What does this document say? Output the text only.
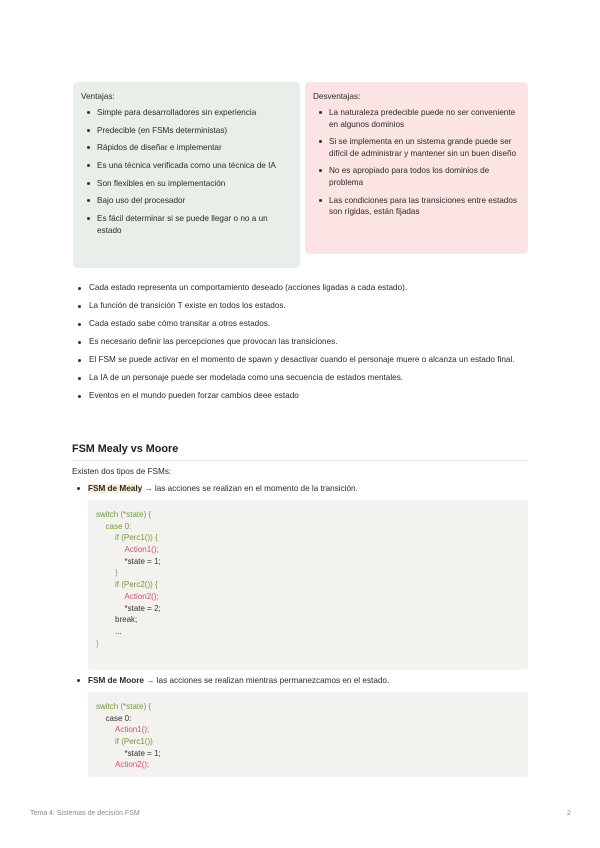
Ventajas:

Simple para desarrolladores sin experiencia
Predecible (en FSMs deterministas)
Rápidos de diseñar e implementar
Es una técnica verificada como una técnica de IA
Son flexibles en su implementación
Bajo uso del procesador
Es fácil determinar si se puede llegar o no a un estado

Desventajas:

La naturaleza predecible puede no ser conveniente en algunos dominios
Si se implementa en un sistema grande puede ser difícil de administrar y mantener sin un buen diseño
No es apropiado para todos los dominios de problema
Las condiciones para las transiciones entre estados son rígidas, están fijadas
Cada estado representa un comportamiento deseado (acciones ligadas a cada estado).
La función de transición T existe en todos los estados.
Cada estado sabe cómo transitar a otros estados.
Es necesario definir las percepciones que provocan las transiciones.
El FSM se puede activar en el momento de spawn y desactivar cuando el personaje muere o alcanza un estado final.
La IA de un personaje puede ser modelada como una secuencia de estados mentales.
Eventos en el mundo pueden forzar cambios deee estado
FSM Mealy vs Moore
Existen dos tipos de FSMs:
FSM de Mealy → las acciones se realizan en el momento de la transición.
switch (*state) {
case 0:
if (Perc1()) {
Action1();
*state = 1;
}
if (Perc2()) {
Action2();
*state = 2;
break;
...
}
FSM de Moore → las acciones se realizan mientras permanezcamos en el estado.
switch (*state) {
case 0:
Action1();
if (Perc1())
*state = 1;
Action2();
Tema 4: Sistemas de decisión FSM	2
